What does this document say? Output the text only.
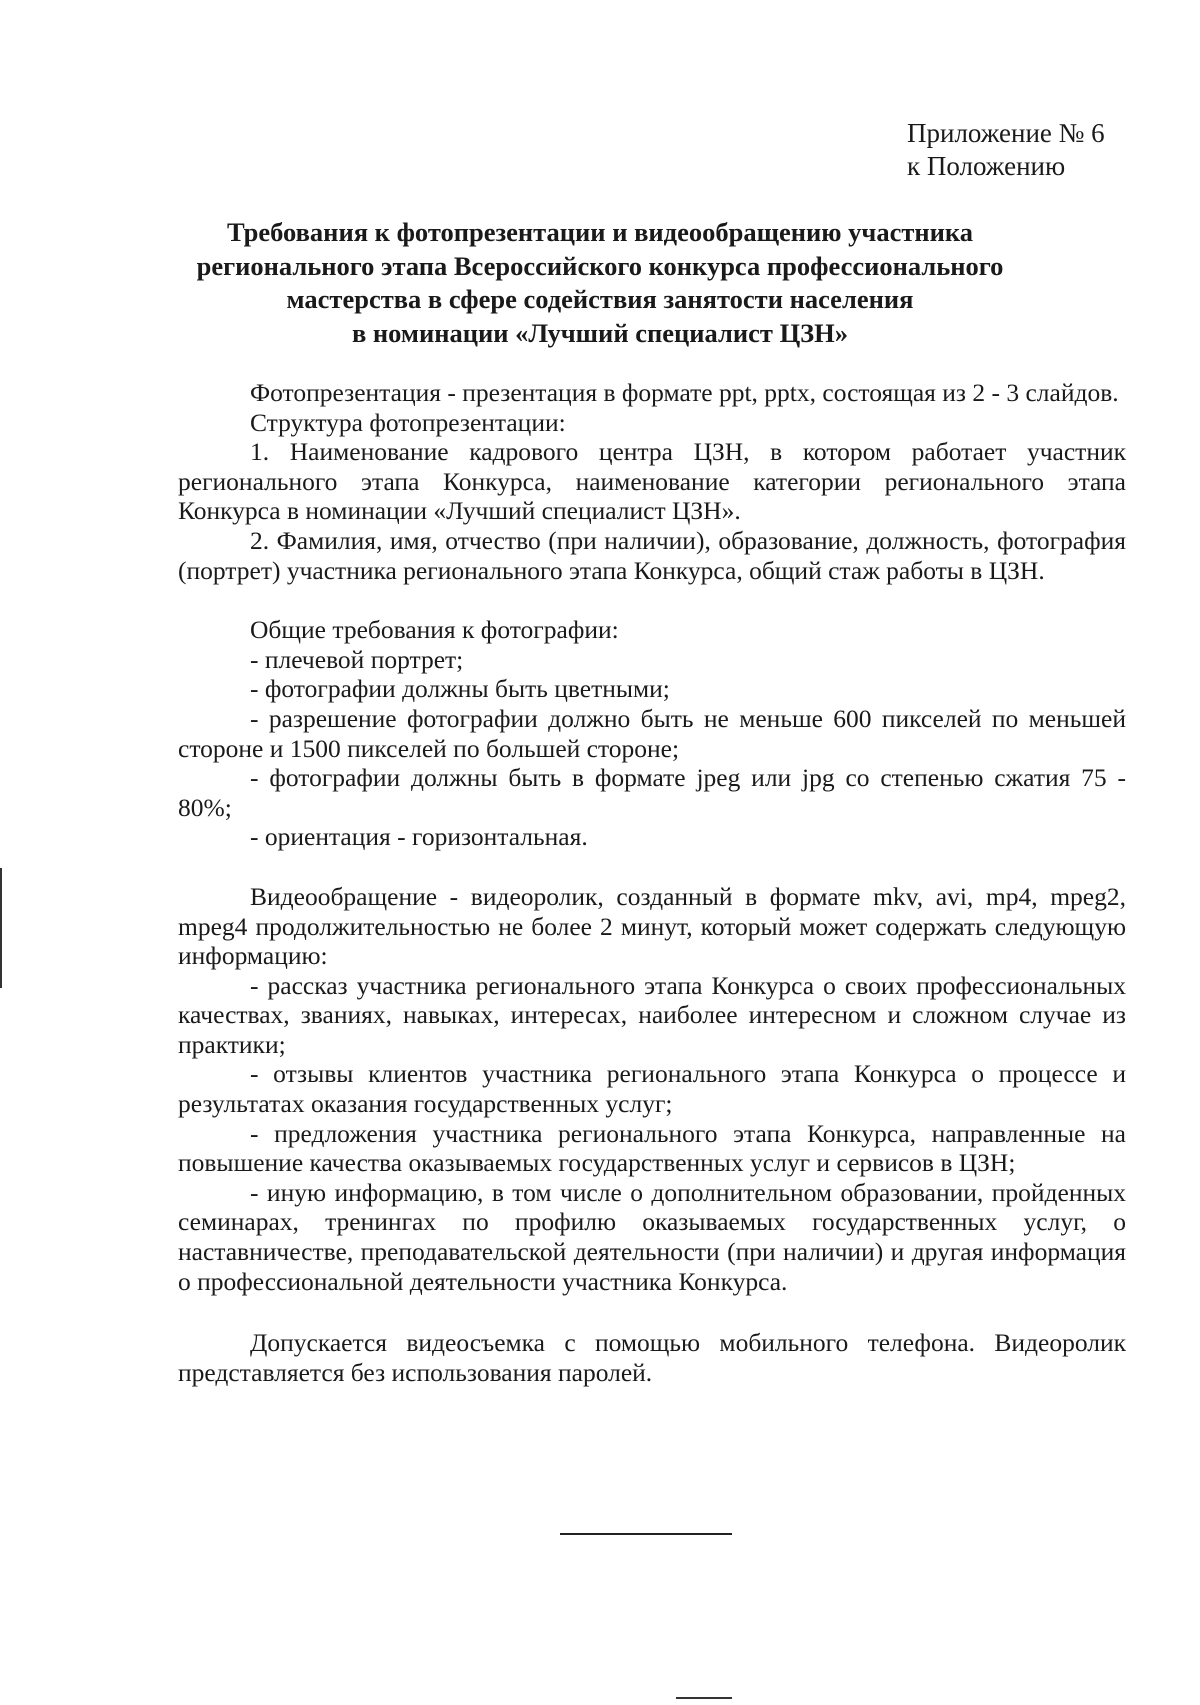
Приложение № 6
к Положению
Требования к фотопрезентации и видеообращению участника
регионального этапа Всероссийского конкурса профессионального
мастерства в сфере содействия занятости населения
в номинации «Лучший специалист ЦЗН»

Фотопрезентация - презентация в формате ppt, pptx, состоящая из 2 - 3 слайдов.

Структура фотопрезентации:

1. Наименование кадрового центра ЦЗН, в котором работает участник регионального этапа Конкурса, наименование категории регионального этапа Конкурса в номинации «Лучший специалист ЦЗН».

2. Фамилия, имя, отчество (при наличии), образование, должность, фотография (портрет) участника регионального этапа Конкурса, общий стаж работы в ЦЗН.

Общие требования к фотографии:

- плечевой портрет;

- фотографии должны быть цветными;

- разрешение фотографии должно быть не меньше 600 пикселей по меньшей стороне и 1500 пикселей по большей стороне;

- фотографии должны быть в формате jpeg или jpg со степенью сжатия 75 - 80%;

- ориентация - горизонтальная.

Видеообращение - видеоролик, созданный в формате mkv, avi, mp4, mpeg2, mpeg4 продолжительностью не более 2 минут, который может содержать следующую информацию:

- рассказ участника регионального этапа Конкурса о своих профессиональных качествах, званиях, навыках, интересах, наиболее интересном и сложном случае из практики;

- отзывы клиентов участника регионального этапа Конкурса о процессе и результатах оказания государственных услуг;

- предложения участника регионального этапа Конкурса, направленные на повышение качества оказываемых государственных услуг и сервисов в ЦЗН;

- иную информацию, в том числе о дополнительном образовании, пройденных семинарах, тренингах по профилю оказываемых государственных услуг, о наставничестве, преподавательской деятельности (при наличии) и другая информация о профессиональной деятельности участника Конкурса.

Допускается видеосъемка с помощью мобильного телефона. Видеоролик представляется без использования паролей.
